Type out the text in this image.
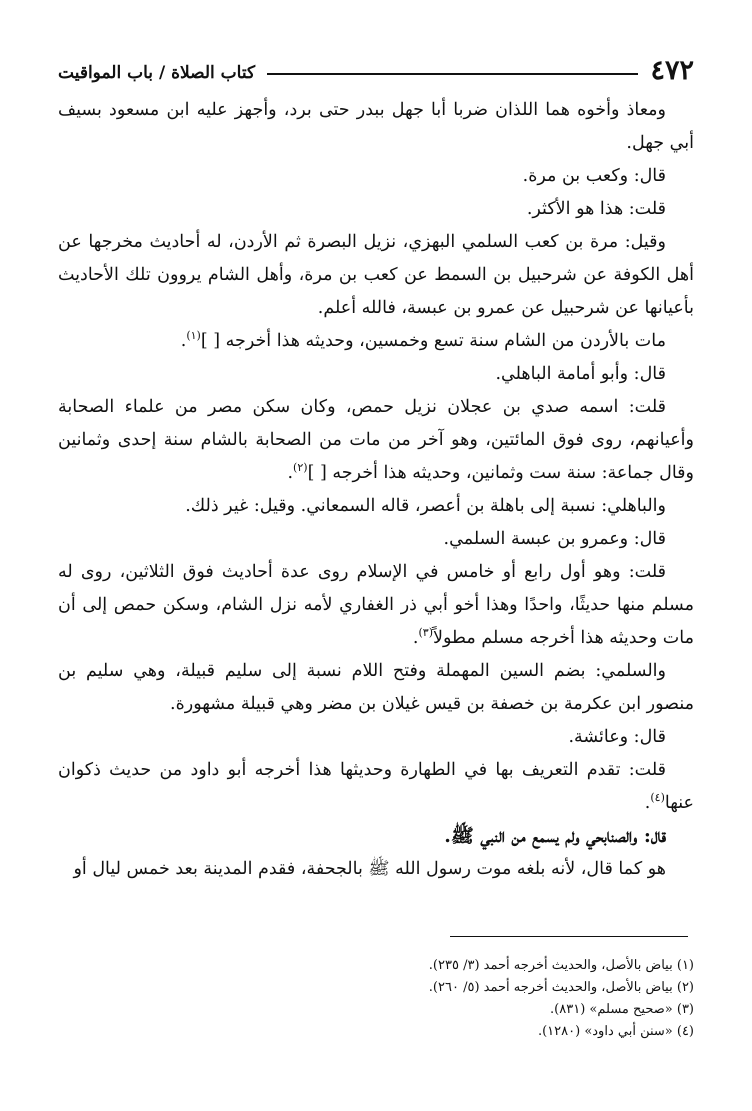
٤٧٢
كتاب الصلاة / باب المواقيت

ومعاذ وأخوه هما اللذان ضربا أبا جهل ببدر حتى برد، وأجهز عليه ابن مسعود بسيف أبي جهل.

قال: وكعب بن مرة.

قلت: هذا هو الأكثر.

وقيل: مرة بن كعب السلمي البهزي، نزيل البصرة ثم الأردن، له أحاديث مخرجها عن أهل الكوفة عن شرحبيل بن السمط عن كعب بن مرة، وأهل الشام يروون تلك الأحاديث بأعيانها عن شرحبيل عن عمرو بن عبسة، فالله أعلم.

مات بالأردن من الشام سنة تسع وخمسين، وحديثه هذا أخرجه [ ]$^{(١)}$.

قال: وأبو أمامة الباهلي.

قلت: اسمه صدي بن عجلان نزيل حمص، وكان سكن مصر من علماء الصحابة وأعيانهم، روى فوق المائتين، وهو آخر من مات من الصحابة بالشام سنة إحدى وثمانين وقال جماعة: سنة ست وثمانين، وحديثه هذا أخرجه [ ]$^{(٢)}$.

والباهلي: نسبة إلى باهلة بن أعصر، قاله السمعاني. وقيل: غير ذلك.

قال: وعمرو بن عبسة السلمي.

قلت: وهو أول رابع أو خامس في الإسلام روى عدة أحاديث فوق الثلاثين، روى له مسلم منها حديثًا، واحدًا وهذا أخو أبي ذر الغفاري لأمه نزل الشام، وسكن حمص إلى أن مات وحديثه هذا أخرجه مسلم مطولاً$^{(٣)}$.

والسلمي: بضم السين المهملة وفتح اللام نسبة إلى سليم قبيلة، وهي سليم بن منصور ابن عكرمة بن خصفة بن قيس غيلان بن مضر وهي قبيلة مشهورة.

قال: وعائشة.

قلت: تقدم التعريف بها في الطهارة وحديثها هذا أخرجه أبو داود من حديث ذكوان عنها$^{(٤)}$.

قال: والصنابحي ولم يسمع من النبي ﷺ.

هو كما قال، لأنه بلغه موت رسول الله ﷺ بالجحفة، فقدم المدينة بعد خمس ليال أو

(١) بياض بالأصل، والحديث أخرجه أحمد (٣/ ٢٣٥).

(٢) بياض بالأصل، والحديث أخرجه أحمد (٥/ ٢٦٠).

(٣) «صحيح مسلم» (٨٣١).

(٤) «سنن أبي داود» (١٢٨٠).
